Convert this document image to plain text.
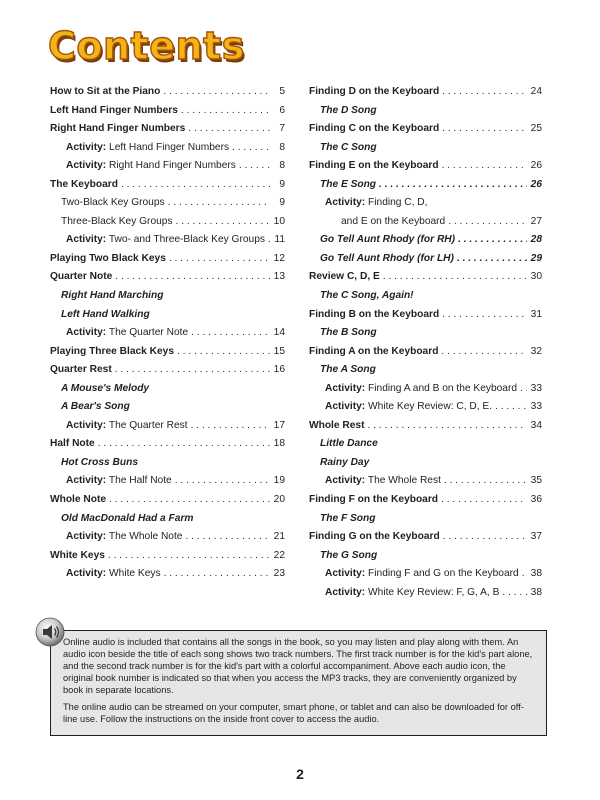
Contents
How to Sit at the Piano . . .	5
Left Hand Finger Numbers . . .	6
Right Hand Finger Numbers . . .	7
Activity: Left Hand Finger Numbers . . .	8
Activity: Right Hand Finger Numbers . . .	8
The Keyboard . . .	9
Two-Black Key Groups . . .	9
Three-Black Key Groups . . .	10
Activity: Two- and Three-Black Key Groups . . . 11
Playing Two Black Keys . . .	12
Quarter Note . . .	13
Right Hand Marching
Left Hand Walking
Activity: The Quarter Note . . .	14
Playing Three Black Keys . . .	15
Quarter Rest . . .	16
A Mouse's Melody
A Bear's Song
Activity: The Quarter Rest . . .	17
Half Note . . .	18
Hot Cross Buns
Activity: The Half Note . . .	19
Whole Note . . .	20
Old MacDonald Had a Farm
Activity: The Whole Note . . .	21
White Keys . . .	22
Activity: White Keys . . .	23
Finding D on the Keyboard . . .	24
The D Song
Finding C on the Keyboard . . .	25
The C Song
Finding E on the Keyboard . . .	26
The E Song . . .	26
Activity: Finding C, D,
and E on the Keyboard . . .	27
Go Tell Aunt Rhody (for RH) . . .	28
Go Tell Aunt Rhody (for LH) . . .	29
Review C, D, E . . .	30
The C Song, Again!
Finding B on the Keyboard . . .	31
The B Song
Finding A on the Keyboard . . .	32
The A Song
Activity: Finding A and B on the Keyboard . . . 33
Activity: White Key Review: C, D, E. . . .	33
Whole Rest . . .	34
Little Dance
Rainy Day
Activity: The Whole Rest . . .	35
Finding F on the Keyboard . . .	36
The F Song
Finding G on the Keyboard . . .	37
The G Song
Activity: Finding F and G on the Keyboard . . . 38
Activity: White Key Review: F, G, A, B . . .	38

Online audio is included that contains all the songs in the book, so you may listen and play along with them. An audio icon beside the title of each song shows two track numbers. The first track number is for the kid's part alone, and the second track number is for the kid's part with a colorful accompaniment. Above each audio icon, the original book number is indicated so that when you access the MP3 tracks, they are conveniently organized by book in separate locations.

The online audio can be streamed on your computer, smart phone, or tablet and can also be downloaded for off-line use. Follow the instructions on the inside front cover to access the audio.

2
